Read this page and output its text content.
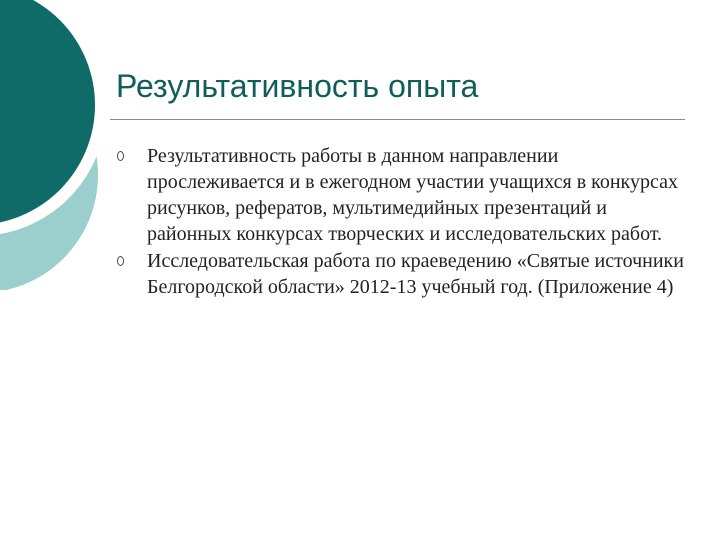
Результативность опыта
Результативность работы в данном направлении прослеживается и в ежегодном участии учащихся в конкурсах рисунков, рефератов, мультимедийных презентаций и районных конкурсах творческих и исследовательских работ.
Исследовательская работа по краеведению «Святые источники Белгородской области» 2012-13 учебный год. (Приложение 4)
